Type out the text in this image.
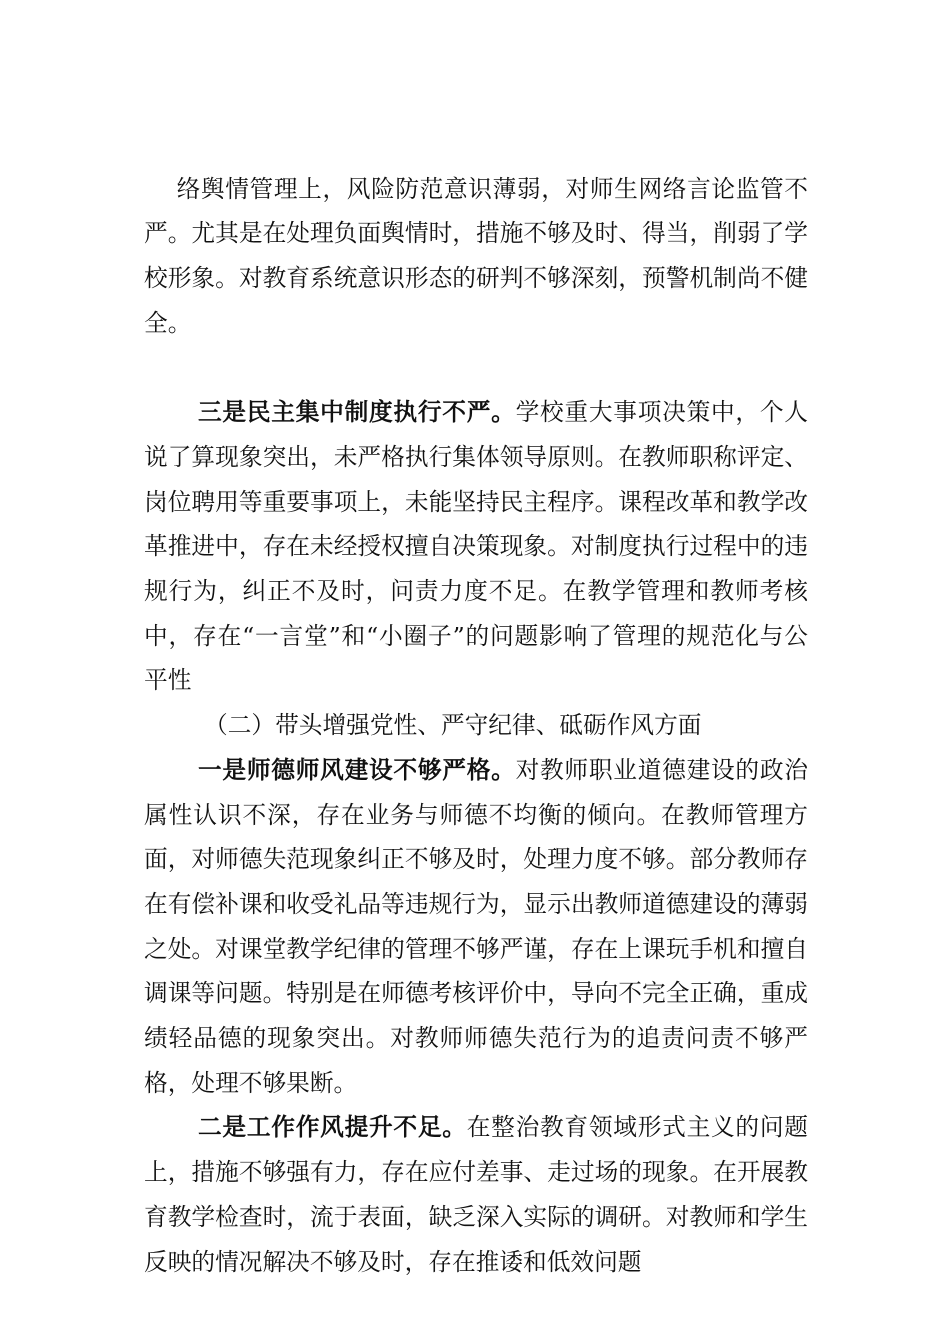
络舆情管理上，风险防范意识薄弱，对师生网络言论监管不严。尤其是在处理负面舆情时，措施不够及时、得当，削弱了学校形象。对教育系统意识形态的研判不够深刻，预警机制尚不健全。

三是民主集中制度执行不严。学校重大事项决策中，个人说了算现象突出，未严格执行集体领导原则。在教师职称评定、岗位聘用等重要事项上，未能坚持民主程序。课程改革和教学改革推进中，存在未经授权擅自决策现象。对制度执行过程中的违规行为，纠正不及时，问责力度不足。在教学管理和教师考核中，存在“一言堂”和“小圈子”的问题影响了管理的规范化与公平性

（二）带头增强党性、严守纪律、砥砺作风方面

一是师德师风建设不够严格。对教师职业道德建设的政治属性认识不深，存在业务与师德不均衡的倾向。在教师管理方面，对师德失范现象纠正不够及时，处理力度不够。部分教师存在有偿补课和收受礼品等违规行为，显示出教师道德建设的薄弱之处。对课堂教学纪律的管理不够严谨，存在上课玩手机和擅自调课等问题。特别是在师德考核评价中，导向不完全正确，重成绩轻品德的现象突出。对教师师德失范行为的追责问责不够严格，处理不够果断。

二是工作作风提升不足。在整治教育领域形式主义的问题上，措施不够强有力，存在应付差事、走过场的现象。在开展教育教学检查时，流于表面，缺乏深入实际的调研。对教师和学生反映的情况解决不够及时，存在推诿和低效问题
